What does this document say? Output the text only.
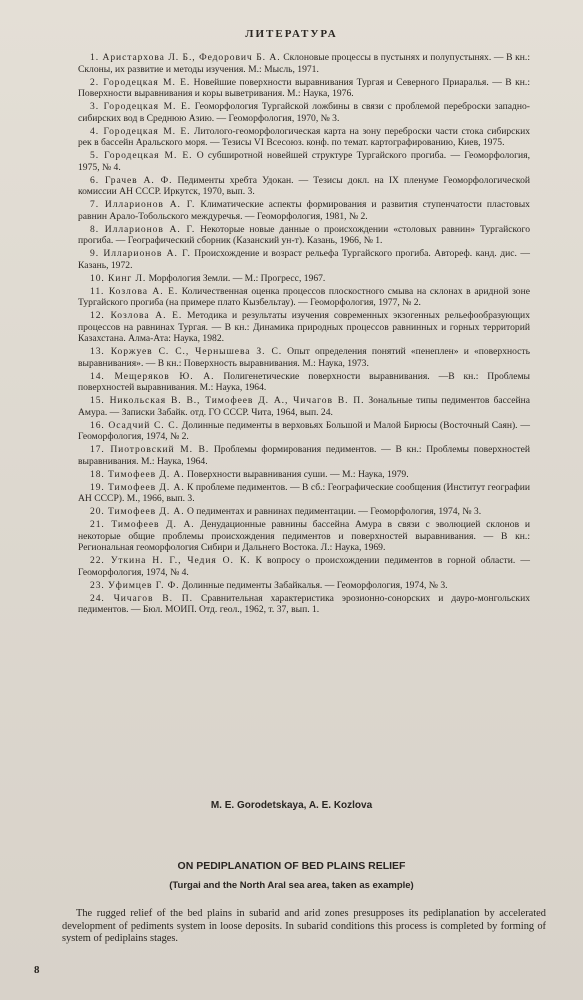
ЛИТЕРАТУРА
1. Аристархова Л. Б., Федорович Б. А. Склоновые процессы в пустынях и полупустынях. — В кн.: Склоны, их развитие и методы изучения. М.: Мысль, 1971.
2. Городецкая М. Е. Новейшие поверхности выравнивания Тургая и Северного Приаралья. — В кн.: Поверхности выравнивания и коры выветривания. М.: Наука, 1976.
3. Городецкая М. Е. Геоморфология Тургайской ложбины в связи с проблемой переброски западно-сибирских вод в Среднюю Азию. — Геоморфология, 1970, № 3.
4. Городецкая М. Е. Литолого-геоморфологическая карта на зону переброски части стока сибирских рек в бассейн Аральского моря. — Тезисы VI Всесоюз. конф. по темат. картографированию, Киев, 1975.
5. Городецкая М. Е. О субширотной новейшей структуре Тургайского прогиба. — Геоморфология, 1975, № 4.
6. Грачев А. Ф. Педименты хребта Удокан. — Тезисы докл. на IX пленуме Геоморфологической комиссии АН СССР. Иркутск, 1970, вып. 3.
7. Илларионов А. Г. Климатические аспекты формирования и развития ступенчатости пластовых равнин Арало-Тобольского междуречья. — Геоморфология, 1981, № 2.
8. Илларионов А. Г. Некоторые новые данные о происхождении «столовых равнин» Тургайского прогиба. — Географический сборник (Казанский ун-т). Казань, 1966, № 1.
9. Илларионов А. Г. Происхождение и возраст рельефа Тургайского прогиба. Автореф. канд. дис. — Казань, 1972.
10. Кинг Л. Морфология Земли. — М.: Прогресс, 1967.
11. Козлова А. Е. Количественная оценка процессов плоскостного смыва на склонах в аридной зоне Тургайского прогиба (на примере плато Кызбельтау). — Геоморфология, 1977, № 2.
12. Козлова А. Е. Методика и результаты изучения современных экзогенных рельефообразующих процессов на равнинах Тургая. — В кн.: Динамика природных процессов равнинных и горных территорий Казахстана. Алма-Ата: Наука, 1982.
13. Коржуев С. С., Чернышева З. С. Опыт определения понятий «пенеплен» и «поверхность выравнивания». — В кн.: Поверхность выравнивания. М.: Наука, 1973.
14. Мещеряков Ю. А. Полигенетические поверхности выравнивания. —В кн.: Проблемы поверхностей выравнивания. М.: Наука, 1964.
15. Никольская В. В., Тимофеев Д. А., Чичагов В. П. Зональные типы педиментов бассейна Амура. — Записки Забайк. отд. ГО СССР. Чита, 1964, вып. 24.
16. Осадчий С. С. Долинные педименты в верховьях Большой и Малой Бирюсы (Восточный Саян). — Геоморфология, 1974, № 2.
17. Пиотровский М. В. Проблемы формирования педиментов. — В кн.: Проблемы поверхностей выравнивания. М.: Наука, 1964.
18. Тимофеев Д. А. Поверхности выравнивания суши. — М.: Наука, 1979.
19. Тимофеев Д. А. К проблеме педиментов. — В сб.: Географические сообщения (Институт географии АН СССР). М., 1966, вып. 3.
20. Тимофеев Д. А. О педиментах и равнинах педиментации. — Геоморфология, 1974, № 3.
21. Тимофеев Д. А. Денудационные равнины бассейна Амура в связи с эволюцией склонов и некоторые общие проблемы происхождения педиментов и поверхностей выравнивания. — В кн.: Региональная геоморфология Сибири и Дальнего Востока. Л.: Наука, 1969.
22. Уткина Н. Г., Чедия О. К. К вопросу о происхождении педиментов в горной области. — Геоморфология, 1974, № 4.
23. Уфимцев Г. Ф. Долинные педименты Забайкалья. — Геоморфология, 1974, № 3.
24. Чичагов В. П. Сравнительная характеристика эрозионно-сонорских и дауро-монгольских педиментов. — Бюл. МОИП. Отд. геол., 1962, т. 37, вып. 1.
M. E. Gorodetskaya, A. E. Kozlova
ON PEDIPLANATION OF BED PLAINS RELIEF
(Turgai and the North Aral sea area, taken as example)
The rugged relief of the bed plains in subarid and arid zones presupposes its pediplanation by accelerated development of pediments system in loose deposits. In subarid conditions this process is completed by forming of system of pediplains stages.
8
